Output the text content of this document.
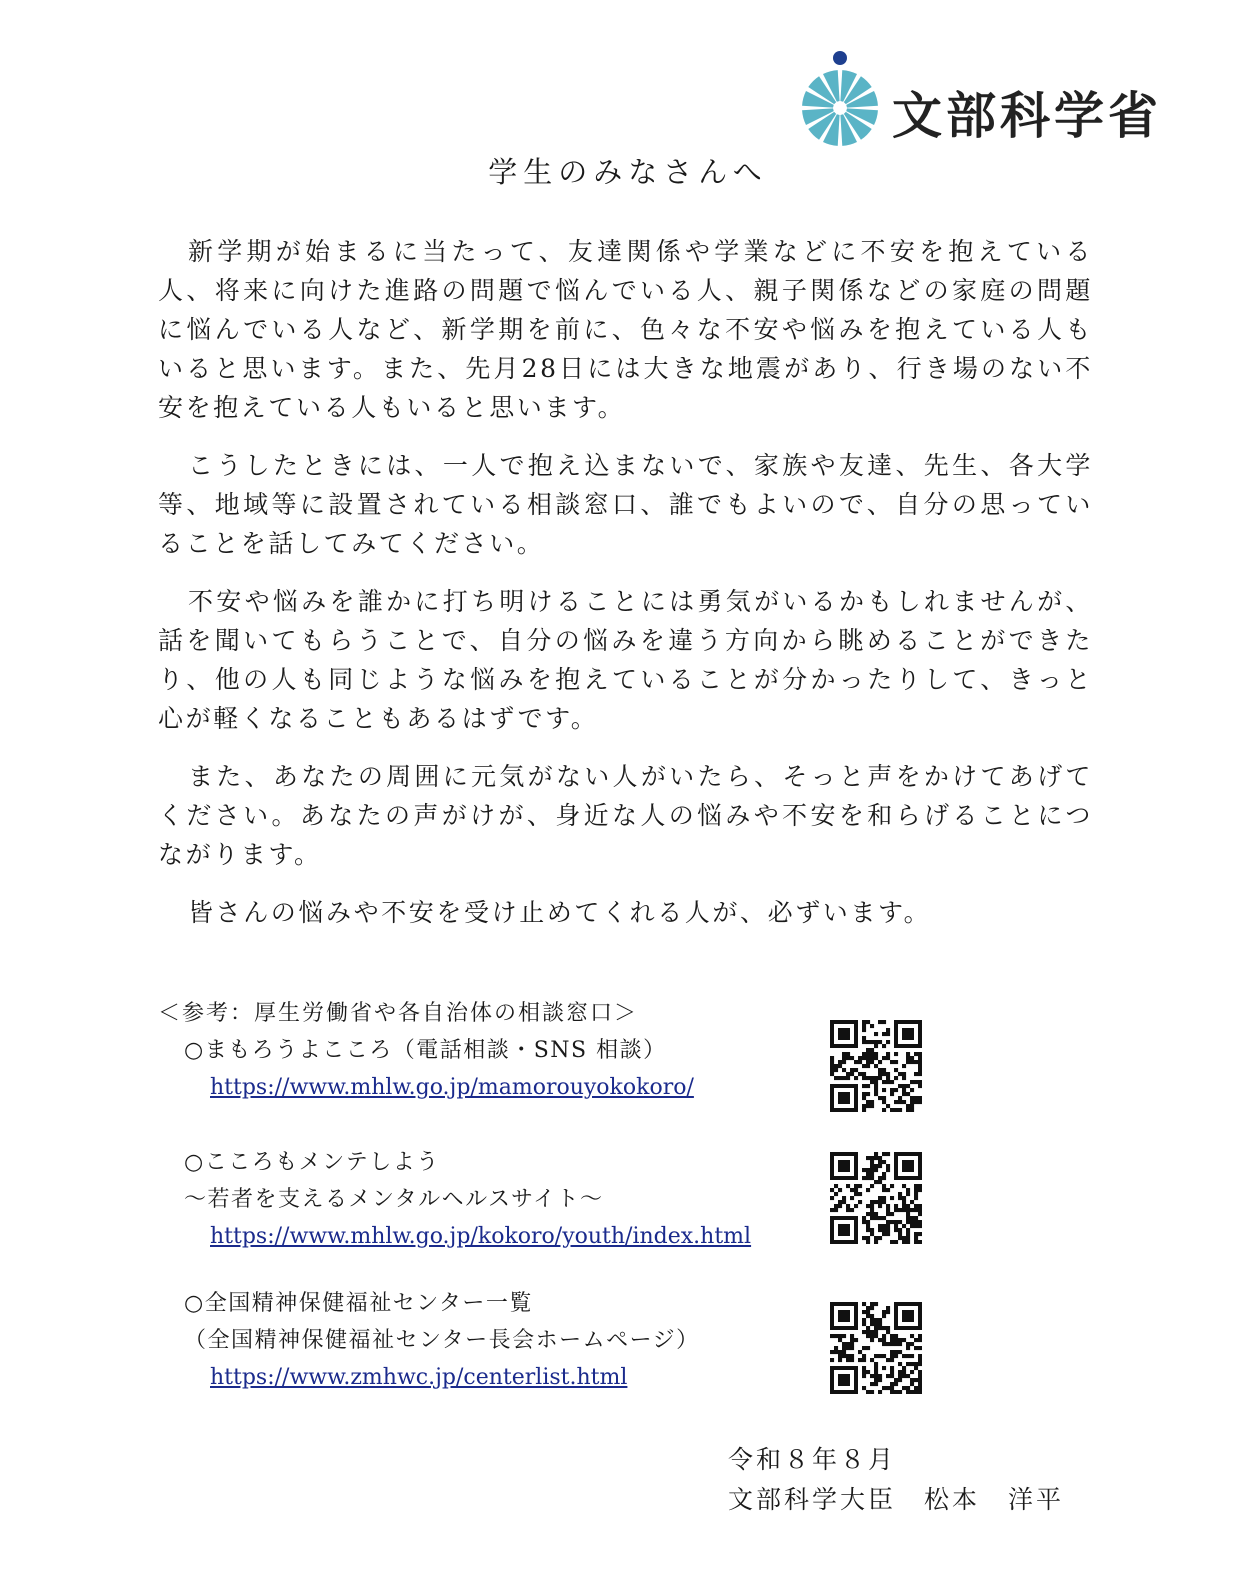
文部科学省
学生のみなさんへ

新学期が始まるに当たって、友達関係や学業などに不安を抱えている人、将来に向けた進路の問題で悩んでいる人、親子関係などの家庭の問題に悩んでいる人など、新学期を前に、色々な不安や悩みを抱えている人もいると思います。また、先月28日には大きな地震があり、行き場のない不安を抱えている人もいると思います。

こうしたときには、一人で抱え込まないで、家族や友達、先生、各大学等、地域等に設置されている相談窓口、誰でもよいので、自分の思っていることを話してみてください。

不安や悩みを誰かに打ち明けることには勇気がいるかもしれませんが、話を聞いてもらうことで、自分の悩みを違う方向から眺めることができたり、他の人も同じような悩みを抱えていることが分かったりして、きっと心が軽くなることもあるはずです。

また、あなたの周囲に元気がない人がいたら、そっと声をかけてあげてください。あなたの声がけが、身近な人の悩みや不安を和らげることにつながります。

皆さんの悩みや不安を受け止めてくれる人が、必ずいます。

＜参考：厚生労働省や各自治体の相談窓口＞

○まもろうよこころ（電話相談・SNS 相談）
https://www.mhlw.go.jp/mamorouyokokoro/
○こころもメンテしよう
～若者を支えるメンタルヘルスサイト～
https://www.mhlw.go.jp/kokoro/youth/index.html
○全国精神保健福祉センター一覧
（全国精神保健福祉センター長会ホームページ）
https://www.zmhwc.jp/centerlist.html
令和８年８月
文部科学大臣　松本　洋平
